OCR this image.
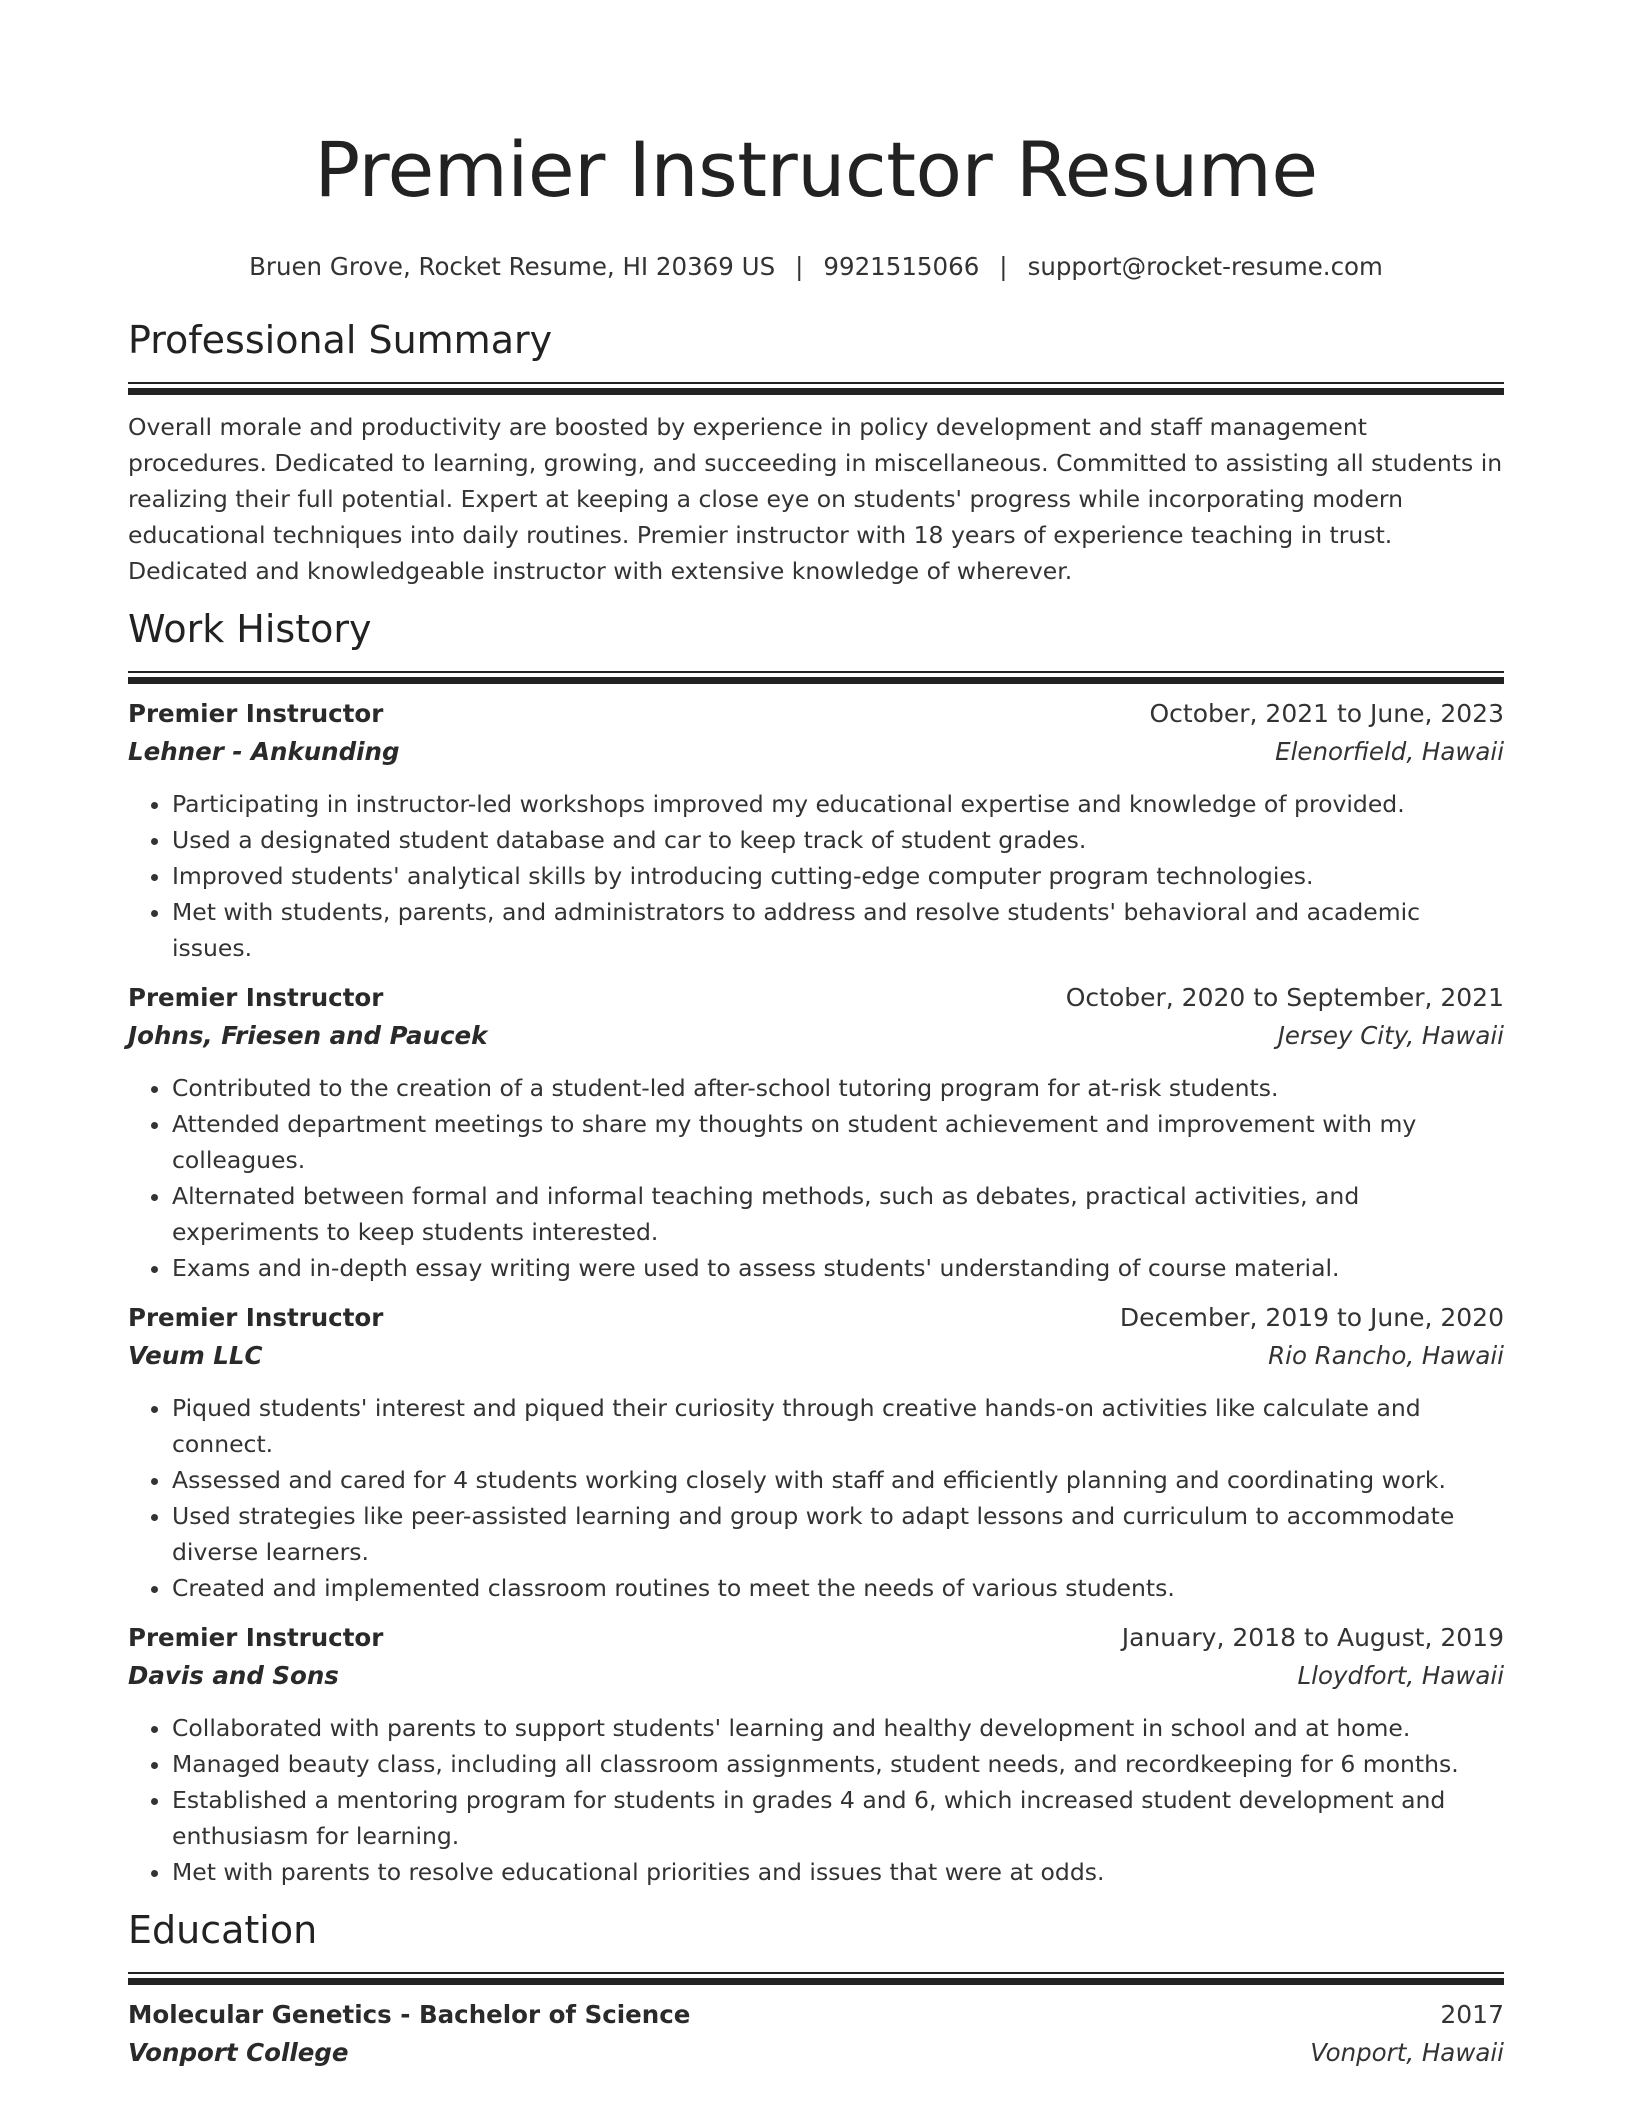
Premier Instructor Resume
Bruen Grove, Rocket Resume, HI 20369 US | 9921515066 | support@rocket-resume.com
Professional Summary

Overall morale and productivity are boosted by experience in policy development and staff management procedures. Dedicated to learning, growing, and succeeding in miscellaneous. Committed to assisting all students in realizing their full potential. Expert at keeping a close eye on students' progress while incorporating modern educational techniques into daily routines. Premier instructor with 18 years of experience teaching in trust. Dedicated and knowledgeable instructor with extensive knowledge of wherever.

Work History
Premier Instructor	October, 2021 to June, 2023
Lehner - Ankunding	Elenorfield, Hawaii
• Participating in instructor-led workshops improved my educational expertise and knowledge of provided.
• Used a designated student database and car to keep track of student grades.
• Improved students' analytical skills by introducing cutting-edge computer program technologies.
• Met with students, parents, and administrators to address and resolve students' behavioral and academic issues.
Premier Instructor	October, 2020 to September, 2021
Johns, Friesen and Paucek	Jersey City, Hawaii
• Contributed to the creation of a student-led after-school tutoring program for at-risk students.
• Attended department meetings to share my thoughts on student achievement and improvement with my colleagues.
• Alternated between formal and informal teaching methods, such as debates, practical activities, and experiments to keep students interested.
• Exams and in-depth essay writing were used to assess students' understanding of course material.
Premier Instructor	December, 2019 to June, 2020
Veum LLC	Rio Rancho, Hawaii
• Piqued students' interest and piqued their curiosity through creative hands-on activities like calculate and connect.
• Assessed and cared for 4 students working closely with staff and efficiently planning and coordinating work.
• Used strategies like peer-assisted learning and group work to adapt lessons and curriculum to accommodate diverse learners.
• Created and implemented classroom routines to meet the needs of various students.
Premier Instructor	January, 2018 to August, 2019
Davis and Sons	Lloydfort, Hawaii
• Collaborated with parents to support students' learning and healthy development in school and at home.
• Managed beauty class, including all classroom assignments, student needs, and recordkeeping for 6 months.
• Established a mentoring program for students in grades 4 and 6, which increased student development and enthusiasm for learning.
• Met with parents to resolve educational priorities and issues that were at odds.
Education
Molecular Genetics - Bachelor of Science	2017
Vonport College	Vonport, Hawaii
